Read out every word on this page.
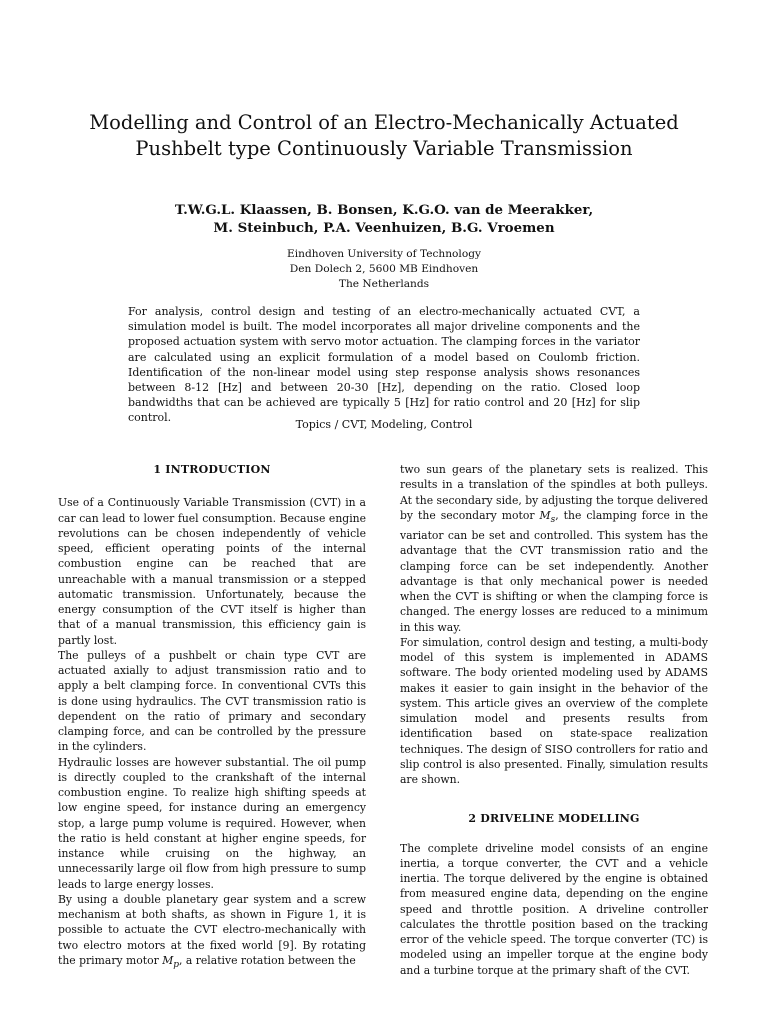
Modelling and Control of an Electro-Mechanically Actuated Pushbelt type Continuously Variable Transmission
T.W.G.L. Klaassen, B. Bonsen, K.G.O. van de Meerakker,
M. Steinbuch, P.A. Veenhuizen, B.G. Vroemen
Eindhoven University of Technology
Den Dolech 2, 5600 MB Eindhoven
The Netherlands

For analysis, control design and testing of an electro-mechanically actuated CVT, a simulation model is built. The model incorporates all major driveline components and the proposed actuation system with servo motor actuation. The clamping forces in the variator are calculated using an explicit formulation of a model based on Coulomb friction. Identification of the non-linear model using step response analysis shows resonances between 8-12 [Hz] and between 20-30 [Hz], depending on the ratio. Closed loop bandwidths that can be achieved are typically 5 [Hz] for ratio control and 20 [Hz] for slip control.

Topics / CVT, Modeling, Control
1 INTRODUCTION

Use of a Continuously Variable Transmission (CVT) in a car can lead to lower fuel consumption. Because engine revolutions can be chosen independently of vehicle speed, efficient operating points of the internal combustion engine can be reached that are unreachable with a manual transmission or a stepped automatic transmission. Unfortunately, because the energy consumption of the CVT itself is higher than that of a manual transmission, this efficiency gain is partly lost.

The pulleys of a pushbelt or chain type CVT are actuated axially to adjust transmission ratio and to apply a belt clamping force. In conventional CVTs this is done using hydraulics. The CVT transmission ratio is dependent on the ratio of primary and secondary clamping force, and can be controlled by the pressure in the cylinders.

Hydraulic losses are however substantial. The oil pump is directly coupled to the crankshaft of the internal combustion engine. To realize high shifting speeds at low engine speed, for instance during an emergency stop, a large pump volume is required. However, when the ratio is held constant at higher engine speeds, for instance while cruising on the highway, an unnecessarily large oil flow from high pressure to sump leads to large energy losses.

By using a double planetary gear system and a screw mechanism at both shafts, as shown in Figure 1, it is possible to actuate the CVT electro-mechanically with two electro motors at the fixed world [9]. By rotating the primary motor $M_p$, a relative rotation between the

two sun gears of the planetary sets is realized. This results in a translation of the spindles at both pulleys. At the secondary side, by adjusting the torque delivered by the secondary motor $M_s$, the clamping force in the variator can be set and controlled. This system has the advantage that the CVT transmission ratio and the clamping force can be set independently. Another advantage is that only mechanical power is needed when the CVT is shifting or when the clamping force is changed. The energy losses are reduced to a minimum in this way.

For simulation, control design and testing, a multi-body model of this system is implemented in ADAMS software. The body oriented modeling used by ADAMS makes it easier to gain insight in the behavior of the system. This article gives an overview of the complete simulation model and presents results from identification based on state-space realization techniques. The design of SISO controllers for ratio and slip control is also presented. Finally, simulation results are shown.

2 DRIVELINE MODELLING

The complete driveline model consists of an engine inertia, a torque converter, the CVT and a vehicle inertia. The torque delivered by the engine is obtained from measured engine data, depending on the engine speed and throttle position. A driveline controller calculates the throttle position based on the tracking error of the vehicle speed. The torque converter (TC) is modeled using an impeller torque at the engine body and a turbine torque at the primary shaft of the CVT.
